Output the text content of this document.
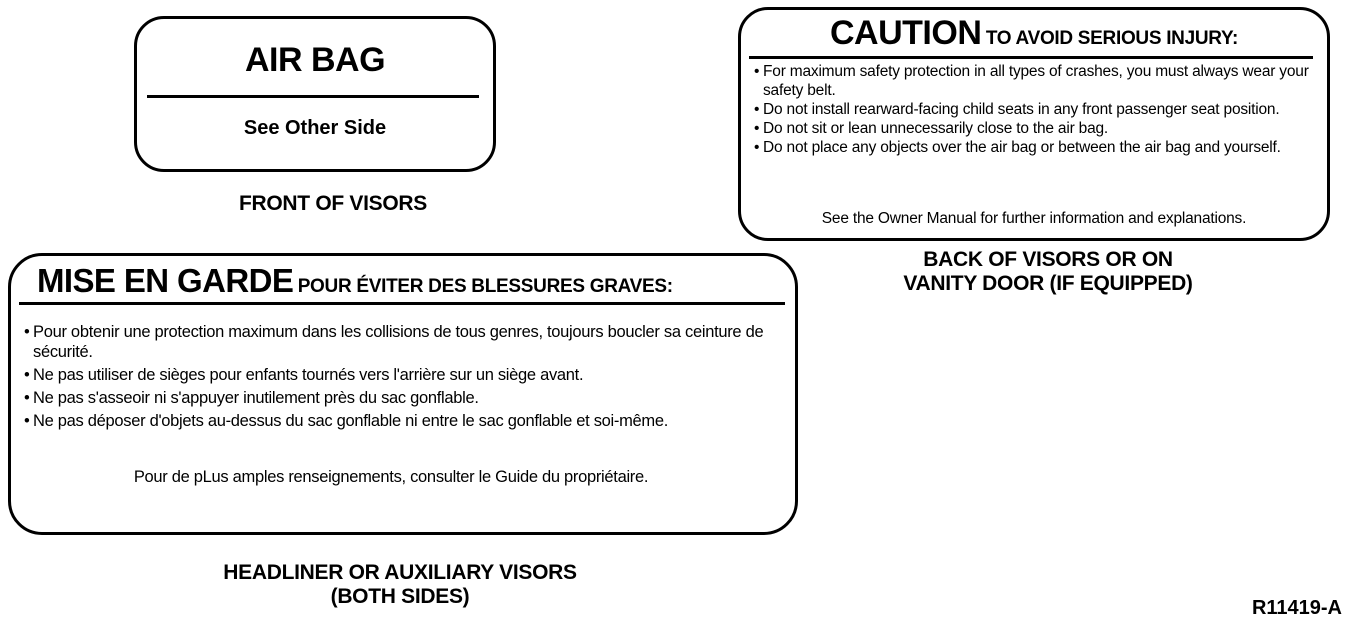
AIR BAG
See Other Side
FRONT OF VISORS
CAUTION TO AVOID SERIOUS INJURY:
• For maximum safety protection in all types of crashes, you must always wear your safety belt.
• Do not install rearward-facing child seats in any front passenger seat position.
• Do not sit or lean unnecessarily close to the air bag.
• Do not place any objects over the air bag or between the air bag and yourself.
See the Owner Manual for further information and explanations.
BACK OF VISORS OR ON
VANITY DOOR (IF EQUIPPED)
MISE EN GARDE POUR ÉVITER DES BLESSURES GRAVES:
• Pour obtenir une protection maximum dans les collisions de tous genres, toujours boucler sa ceinture de sécurité.
• Ne pas utiliser de sièges pour enfants tournés vers l'arrière sur un siège avant.
• Ne pas s'asseoir ni s'appuyer inutilement près du sac gonflable.
• Ne pas déposer d'objets au-dessus du sac gonflable ni entre le sac gonflable et soi-même.
Pour de pLus amples renseignements, consulter le Guide du propriétaire.
HEADLINER OR AUXILIARY VISORS
(BOTH SIDES)	R11419-A
